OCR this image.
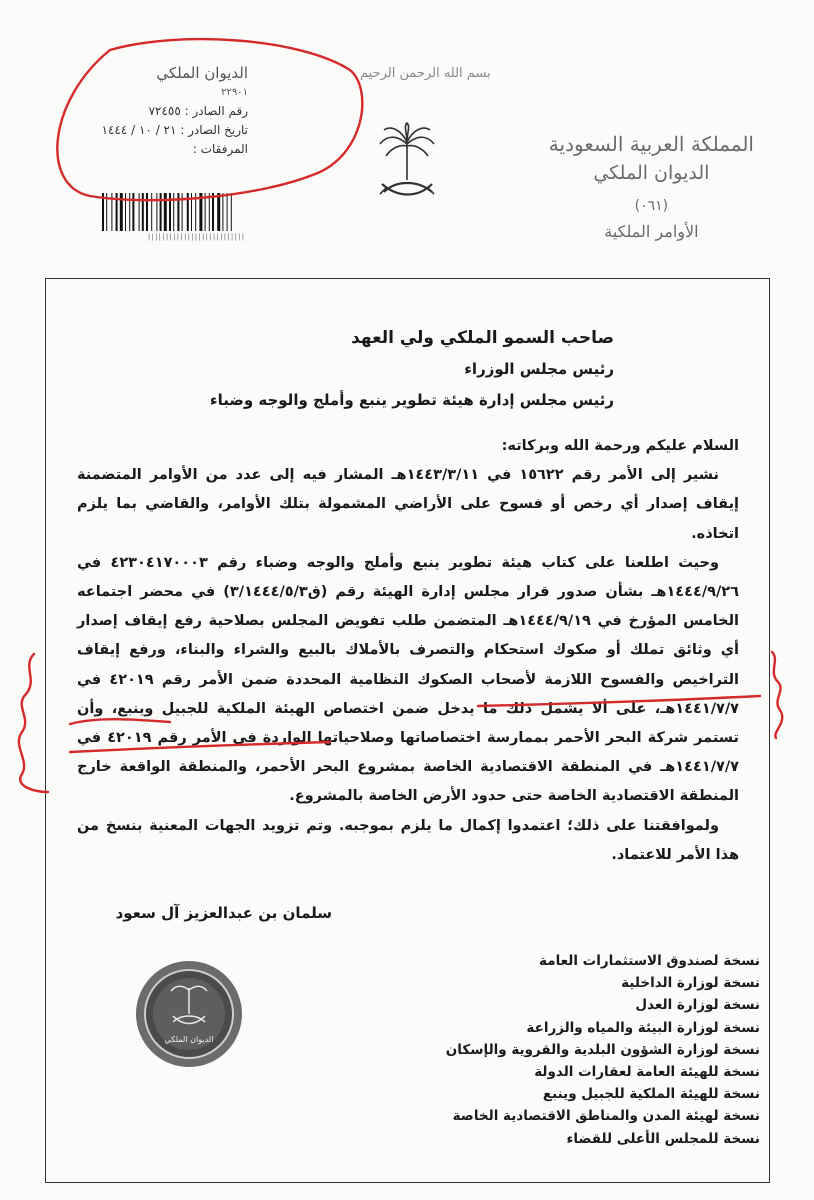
بسم الله الرحمن الرحيم
الديوان الملكي
٢٢٩٠١
رقم الصادر : ٧٢٤٥٥
تاريخ الصادر : ٢١ / ١٠ / ١٤٤٤
المرفقات :
│││││││││││││││││││││││││││
المملكة العربية السعودية
الديوان الملكي
(٠٦١)
الأوامر الملكية
صاحب السمو الملكي ولي العهد
رئيس مجلس الوزراء
رئيس مجلس إدارة هيئة تطوير ينبع وأملج والوجه وضباء

السلام عليكم ورحمة الله وبركاته:

نشير إلى الأمر رقم ١٥٦٢٢ في ١٤٤٣/٣/١١هـ المشار فيه إلى عدد من الأوامر المتضمنة إيقاف إصدار أي رخص أو فسوح على الأراضي المشمولة بتلك الأوامر، والقاضي بما يلزم اتخاذه.

وحيث اطلعنا على كتاب هيئة تطوير ينبع وأملج والوجه وضباء رقم ٤٢٣٠٤١٧٠٠٠٣ في ١٤٤٤/٩/٢٦هـ بشأن صدور قرار مجلس إدارة الهيئة رقم (ق٣/١٤٤٤/٥/٣) في محضر اجتماعه الخامس المؤرخ في ١٤٤٤/٩/١٩هـ المتضمن طلب تفويض المجلس بصلاحية رفع إيقاف إصدار أي وثائق تملك أو صكوك استحكام والتصرف بالأملاك بالبيع والشراء والبناء، ورفع إيقاف التراخيص والفسوح اللازمة لأصحاب الصكوك النظامية المحددة ضمن الأمر رقم ٤٢٠١٩ في ١٤٤١/٧/٧هـ، على ألا يشمل ذلك ما يدخل ضمن اختصاص الهيئة الملكية للجبيل وينبع، وأن تستمر شركة البحر الأحمر بممارسة اختصاصاتها وصلاحياتها الواردة في الأمر رقم ٤٢٠١٩ في ١٤٤١/٧/٧هـ في المنطقة الاقتصادية الخاصة بمشروع البحر الأحمر، والمنطقة الواقعة خارج المنطقة الاقتصادية الخاصة حتى حدود الأرض الخاصة بالمشروع.

ولموافقتنا على ذلك؛ اعتمدوا إكمال ما يلزم بموجبه. وتم تزويد الجهات المعنية بنسخ من هذا الأمر للاعتماد.

سلمان بن عبدالعزيز آل سعود
الديوان الملكي
نسخة لصندوق الاستثمارات العامة
نسخة لوزارة الداخلية
نسخة لوزارة العدل
نسخة لوزارة البيئة والمياه والزراعة
نسخة لوزارة الشؤون البلدية والقروية والإسكان
نسخة للهيئة العامة لعقارات الدولة
نسخة للهيئة الملكية للجبيل وينبع
نسخة لهيئة المدن والمناطق الاقتصادية الخاصة
نسخة للمجلس الأعلى للقضاء
